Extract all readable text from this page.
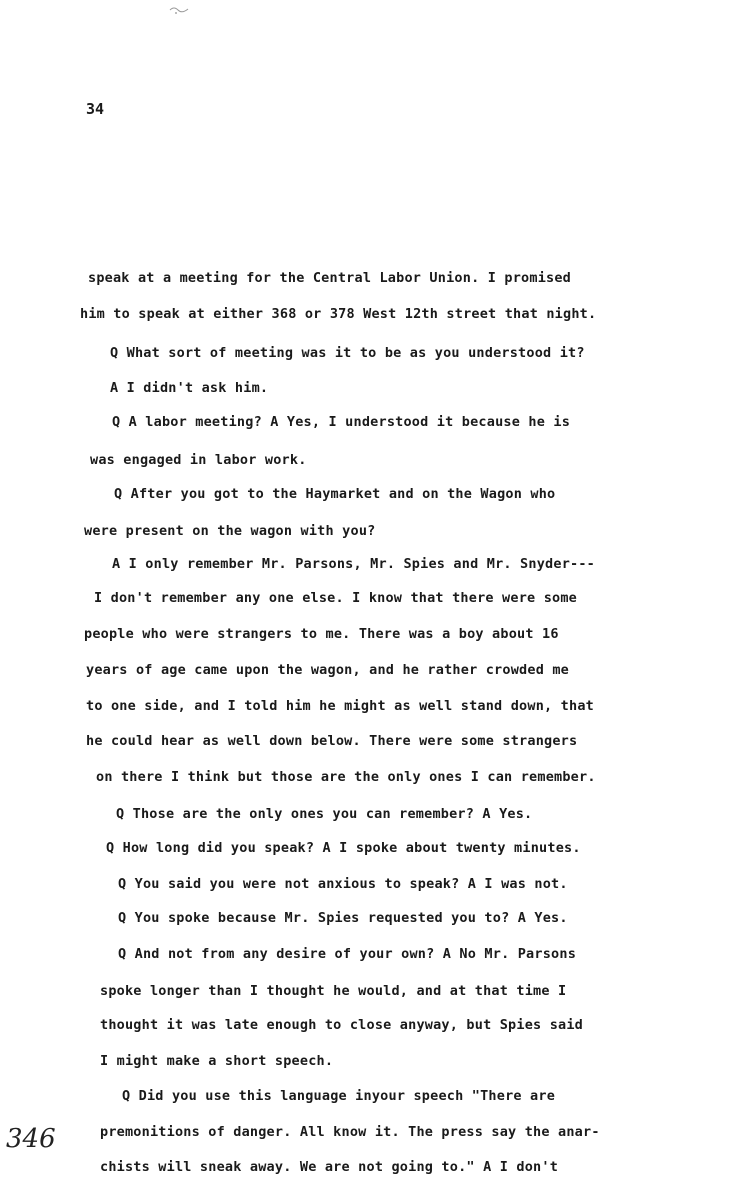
34
speak at a meeting for the Central Labor Union. I promised
him to speak at either 368 or 378 West 12th street that night.
Q What sort of meeting was it to be as you understood it?
A I didn't ask him.
Q A labor meeting? A Yes, I understood it because he is
was engaged in labor work.
Q After you got to the Haymarket and on the Wagon who
were present on the wagon with you?
A I only remember Mr. Parsons, Mr. Spies and Mr. Snyder---
I don't remember any one else. I know that there were some
people who were strangers to me. There was a boy about 16
years of age came upon the wagon, and he rather crowded me
to one side, and I told him he might as well stand down, that
he could hear as well down below. There were some strangers
on there I think but those are the only ones I can remember.
Q Those are the only ones you can remember? A Yes.
Q How long did you speak? A I spoke about twenty minutes.
Q You said you were not anxious to speak? A I was not.
Q You spoke because Mr. Spies requested you to? A Yes.
Q And not from any desire of your own? A No Mr. Parsons
spoke longer than I thought he would, and at that time I
thought it was late enough to close anyway, but Spies said
I might make a short speech.
Q Did you use this language inyour speech "There are
premonitions of danger. All know it. The press say the anar-
chists will sneak away. We are not going to." A I don't
346
